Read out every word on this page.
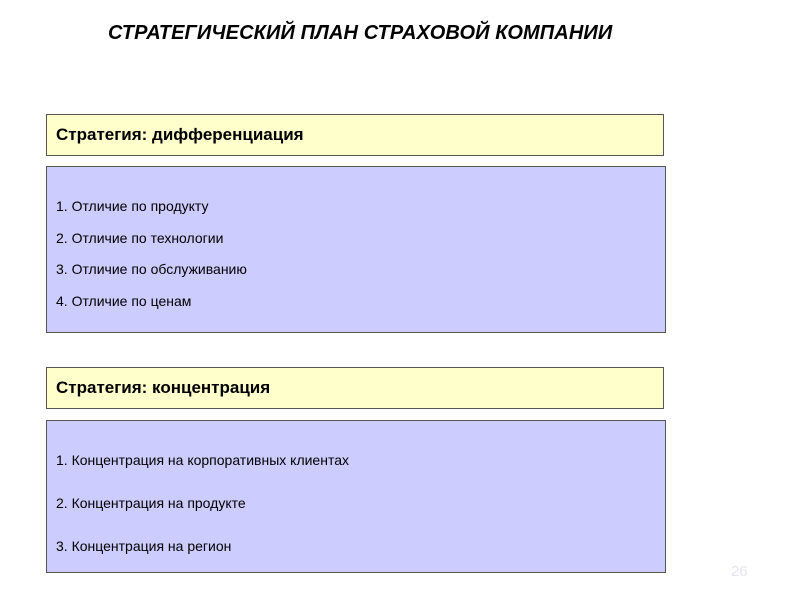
СТРАТЕГИЧЕСКИЙ ПЛАН СТРАХОВОЙ КОМПАНИИ
Стратегия: дифференциация
1. Отличие по продукту
2. Отличие по технологии
3. Отличие по обслуживанию
4. Отличие по ценам
Стратегия: концентрация
1. Концентрация на корпоративных клиентах
2. Концентрация на продукте
3. Концентрация на регион
26
